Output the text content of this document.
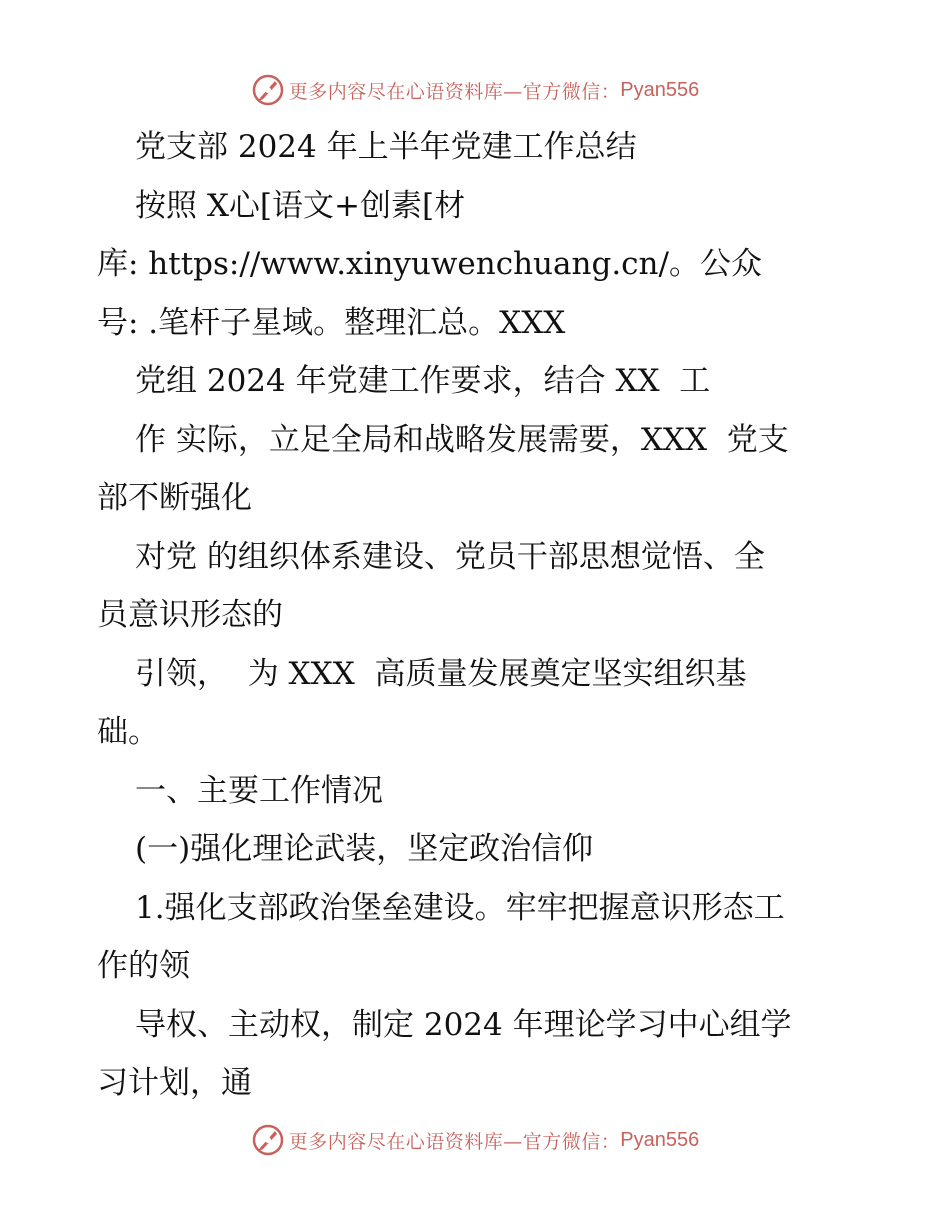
更多内容尽在心语资料库—官方微信： Pyan556
党支部 2024 年上半年党建工作总结
按照 X心[语文+创素[材
库: https://www.xinyuwenchuang.cn/。公众
号: .笔杆子星域。整理汇总。XXX
党组 2024 年党建工作要求，结合 XX  工
作 实际，立足全局和战略发展需要，XXX  党支
部不断强化
对党 的组织体系建设、党员干部思想觉悟、全
员意识形态的
引领，  为 XXX  高质量发展奠定坚实组织基
础。
一、主要工作情况
(一)强化理论武装，坚定政治信仰
1.强化支部政治堡垒建设。牢牢把握意识形态工
作的领
导权、主动权，制定 2024 年理论学习中心组学
习计划，通
更多内容尽在心语资料库—官方微信： Pyan556
